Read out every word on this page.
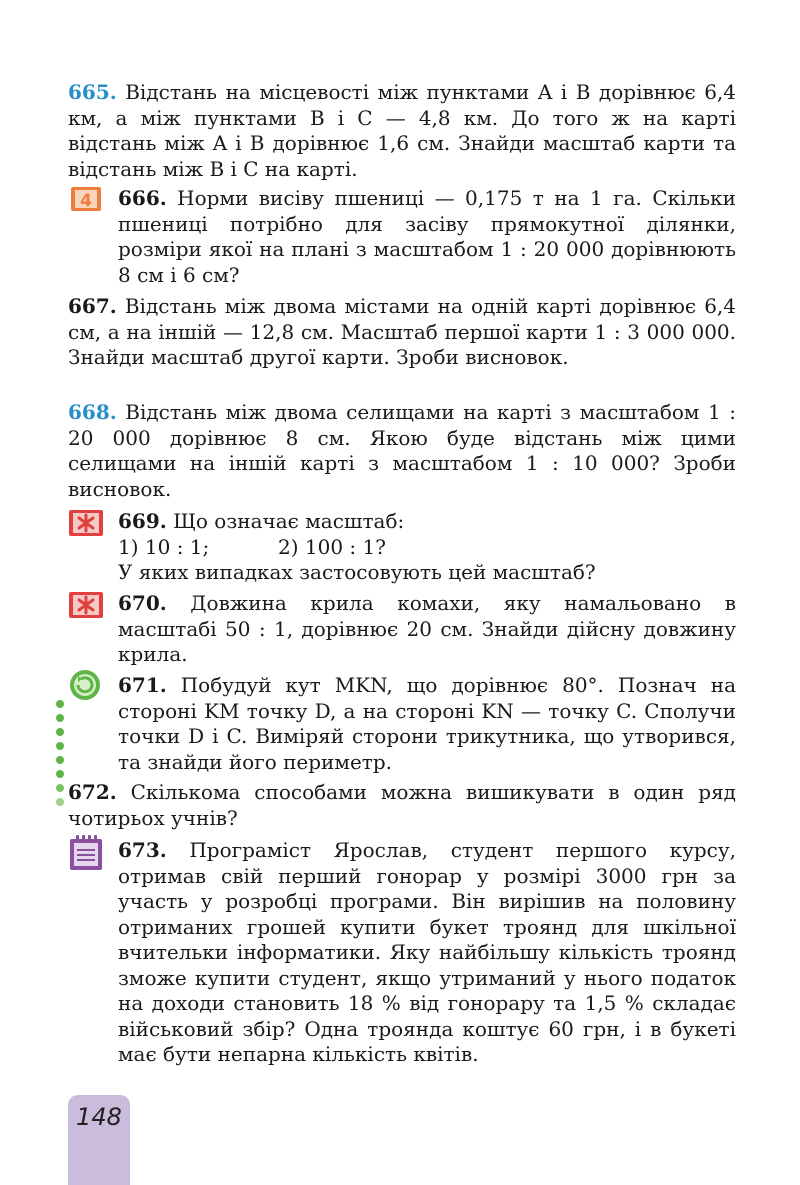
665. Відстань на місцевості між пунктами A і B дорівнює 6,4 км, а між пунктами B і C — 4,8 км. До того ж на карті відстань між A і B дорівнює 1,6 см. Знайди масштаб карти та відстань між B і C на карті.
4 666. Норми висіву пшениці — 0,175 т на 1 га. Скільки пшениці потрібно для засіву прямокутної ділянки, розміри якої на плані з масштабом 1 : 20 000 дорівнюють 8 см і 6 см?
667. Відстань між двома містами на одній карті дорівнює 6,4 см, а на іншій — 12,8 см. Масштаб першої карти 1 : 3 000 000. Знайди масштаб другої карти. Зроби висновок.
668. Відстань між двома селищами на карті з масштабом 1 : 20 000 дорівнює 8 см. Якою буде відстань між цими селищами на іншій карті з масштабом 1 : 10 000? Зроби висновок.
669. Що означає масштаб:
1) 10 : 1;	2) 100 : 1?
У яких випадках застосовують цей масштаб?
670. Довжина крила комахи, яку намальовано в масштабі 50 : 1, дорівнює 20 см. Знайди дійсну довжину крила.
671. Побудуй кут MKN, що дорівнює 80°. Познач на стороні KM точку D, а на стороні KN — точку C. Сполучи точки D і C. Виміряй сторони трикутника, що утворився, та знайди його периметр.
672. Скількома способами можна вишикувати в один ряд чотирьох учнів?
673. Програміст Ярослав, студент першого курсу, отримав свій перший гонорар у розмірі 3000 грн за участь у розробці програми. Він вирішив на половину отриманих грошей купити букет троянд для шкільної вчительки інформатики. Яку найбільшу кількість троянд зможе купити студент, якщо утриманий у нього податок на доходи становить 18 % від гонорару та 1,5 % складає військовий збір? Одна троянда коштує 60 грн, і в букеті має бути непарна кількість квітів.
148
